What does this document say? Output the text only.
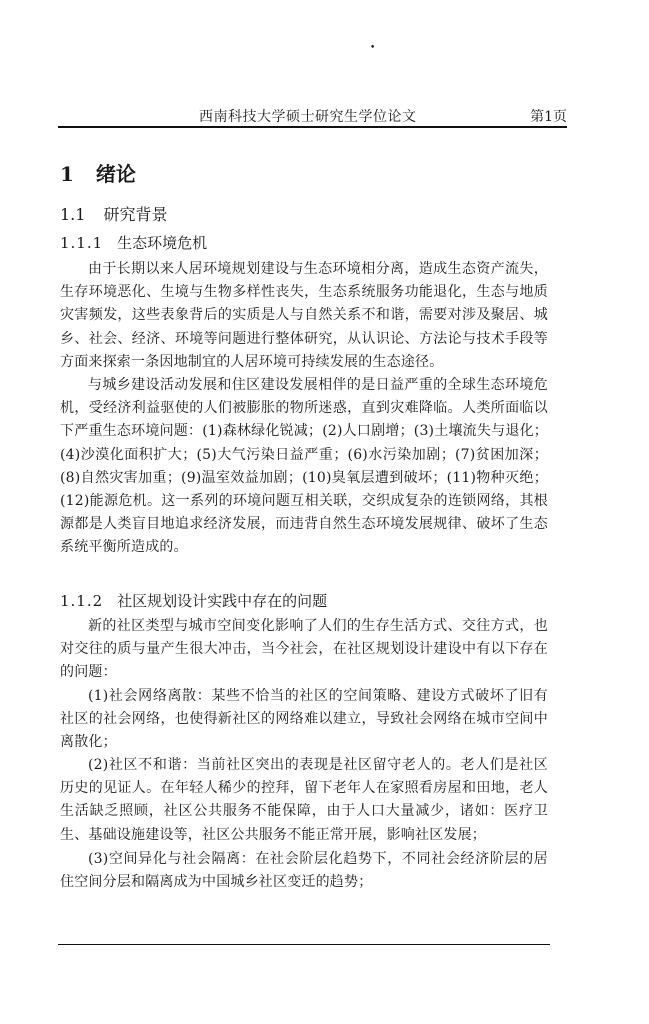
•
西南科技大学硕士研究生学位论文	第1页
1 绪论
1.1 研究背景
1.1.1 生态环境危机

由于长期以来人居环境规划建设与生态环境相分离，造成生态资产流失，生存环境恶化、生境与生物多样性丧失，生态系统服务功能退化，生态与地质灾害频发，这些表象背后的实质是人与自然关系不和谐，需要对涉及聚居、城乡、社会、经济、环境等问题进行整体研究，从认识论、方法论与技术手段等方面来探索一条因地制宜的人居环境可持续发展的生态途径。

与城乡建设活动发展和住区建设发展相伴的是日益严重的全球生态环境危机，受经济利益驱使的人们被膨胀的物所迷惑，直到灾难降临。人类所面临以下严重生态环境问题：(1)森林绿化锐减；(2)人口剧增；(3)土壤流失与退化；(4)沙漠化面积扩大；(5)大气污染日益严重；(6)水污染加剧；(7)贫困加深；(8)自然灾害加重；(9)温室效益加剧；(10)臭氧层遭到破坏；(11)物种灭绝；(12)能源危机。这一系列的环境问题互相关联，交织成复杂的连锁网络，其根源都是人类盲目地追求经济发展，而违背自然生态环境发展规律、破坏了生态系统平衡所造成的。

1.1.2 社区规划设计实践中存在的问题

新的社区类型与城市空间变化影响了人们的生存生活方式、交往方式，也对交往的质与量产生很大冲击，当今社会，在社区规划设计建设中有以下存在的问题：

(1)社会网络离散：某些不恰当的社区的空间策略、建设方式破坏了旧有社区的社会网络，也使得新社区的网络难以建立，导致社会网络在城市空间中离散化；

(2)社区不和谐：当前社区突出的表现是社区留守老人的。老人们是社区历史的见证人。在年轻人稀少的控拜，留下老年人在家照看房屋和田地，老人生活缺乏照顾，社区公共服务不能保障，由于人口大量减少，诸如：医疗卫生、基础设施建设等，社区公共服务不能正常开展，影响社区发展；

(3)空间异化与社会隔离：在社会阶层化趋势下，不同社会经济阶层的居住空间分层和隔离成为中国城乡社区变迁的趋势；
